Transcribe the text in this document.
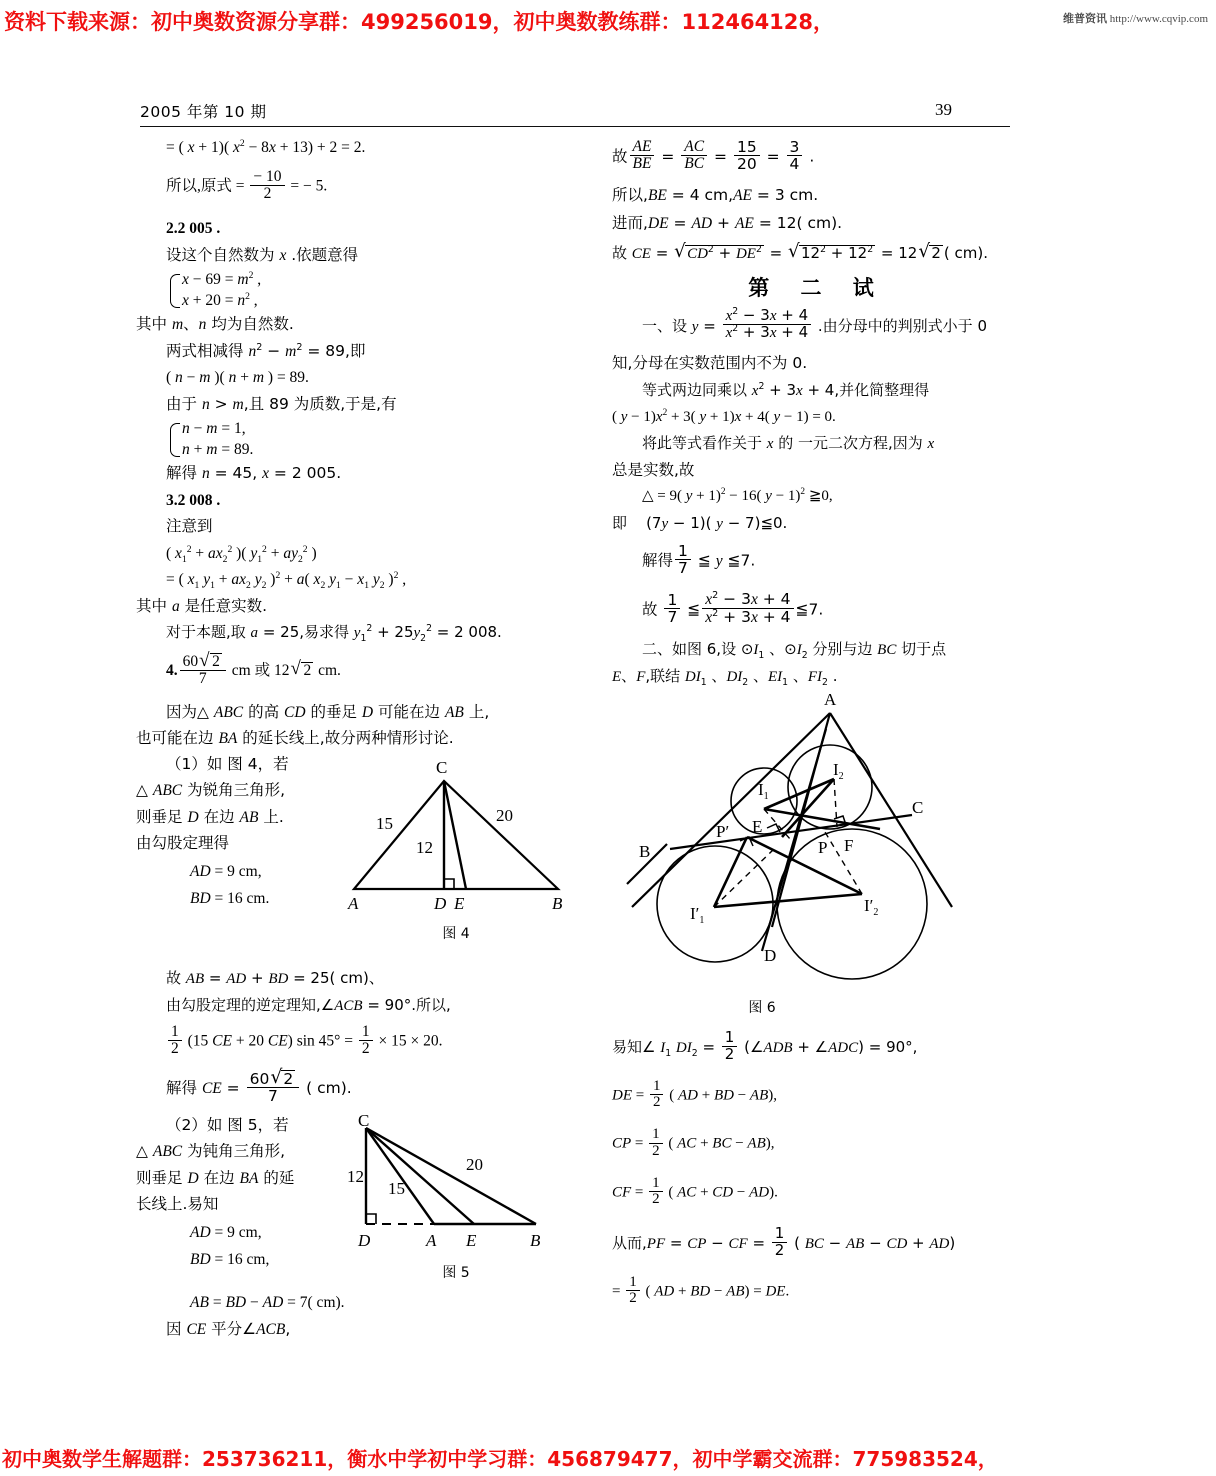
资料下载来源：初中奥数资源分享群：499256019，初中奥数教练群：112464128，	维普资讯 http://www.cqvip.com
2005 年第 10 期	39

= ( x + 1)( $x^2 - 8x + 13) + 2 = 2$.

所以,原式 = $\frac{- 10}{2}$ = − 5.

2.2 005 .

设这个自然数为 x .依题意得

$x - 69 = m^2$ ,
$x + 20 = n^2$ ,

其中 m、n 均为自然数.

两式相减得 $n^2 - m^2 = 89$,即

( n − m )( n + m ) = 89.

由于 n > m,且 89 为质数,于是,有

n − m = 1,
n + m = 89.

解得 n = 45, x = 2 005.

3.2 008 .

注意到

( $x_1^2 + ax_2^2$ )( $y_1^2 + ay_2^2$ )

= ( $x_1$ $y_1 + ax_2$ $y_2$ )$^2$ + a( $x_2$ $y_1 - x_1$ $y_2$ )$^2$ ,

其中 a 是任意实数.

对于本题,取 a = 25,易求得 $y_1^2 + 25y_2^2 = 2$ 008.

4. $\frac{60 √ 2}{7}$ cm 或 12 √ 2 cm.

因为△ ABC 的高 CD 的垂足 D 可能在边 AB 上,

也可能在边 BA 的延长线上,故分两种情形讨论.

（1）如 图 4，若

△ ABC 为锐角三角形,

则垂足 D 在边 AB 上.

由勾股定理得

AD = 9 cm,

BD = 16 cm.	A	D E	B
C
15
12
20
图 4

故 AB = AD + BD = 25( cm)、

由勾股定理的逆定理知,∠ACB = 90°.所以,

$\frac{1}{2} (15$ CE + 20 CE) $\sin 45^\circ = \frac{1}{2} \times 15 \times 20$.

解得 CE = $\frac{60 √ 2}{7}$ ( cm).

（2）如 图 5，若

△ ABC 为钝角三角形,

则垂足 D 在边 BA 的延

长线上.易知

AD = 9 cm,

BD = 16 cm,

C
D	A E	B
12
15
20
图 5

AB = BD − AD = 7( cm).

因 CE 平分∠ACB,

故 $\frac{AE}{BE} = \frac{AC}{BC} = \frac{15}{20} = \frac{3}{4}$ .

所以,BE = 4 cm,AE = 3 cm.

进而,DE = AD + AE = 12( cm).

故 CE = √ $CD^2 + DE^2$ = √ $12^2 + 12^2 = 12$ √ 2 ( cm).

第 二 试

一、设 $y = \frac{x^2 - 3x + 4}{x^2 + 3x + 4}$ .由分母中的判别式小于 0

知,分母在实数范围内不为 0.

等式两边同乘以 $x^2 + 3x + 4$,并化简整理得

( $y - 1)x^2 + 3$( y + 1)x + 4( y − 1) = 0.

将此等式看作关于 x 的 一元二次方程,因为 x

总是实数,故

△ = 9( y + 1)$^2$ − 16( y − 1)$^2$ ≧0,

即    (7y − 1)( y − 7)≦0.

解得 $\frac{1}{7}$ ≦ y ≦7.

故 $\frac{1}{7}$ ≦ $\frac{x^2 - 3x + 4}{x^2 + 3x + 4}$ ≦7.

二、如图 6,设 $⊙I_1$ 、$⊙I_2$ 分别与边 BC 切于点

E、F,联结 $DI_1$ 、$DI_2$ 、$EI_1$ 、$FI_2$ .

A
B
C
D
E
F
P
P′
$I_1$
$I_2$
$I'_1$
$I'_2$
图 6

易知∠ $I_1$ $DI_2 = \frac{1}{2}$ (∠ADB + ∠ADC) = 90°,

DE = $\frac{1}{2}$ ( AD + BD − AB),

CP = $\frac{1}{2}$ ( AC + BC − AB),

CF = $\frac{1}{2}$ ( AC + CD − AD).

从而,PF = CP − CF = $\frac{1}{2}$ ( BC − AB − CD + AD)

= $\frac{1}{2}$ ( AD + BD − AB) = DE.

初中奥数学生解题群：253736211，衡水中学初中学习群：456879477，初中学霸交流群：775983524，
